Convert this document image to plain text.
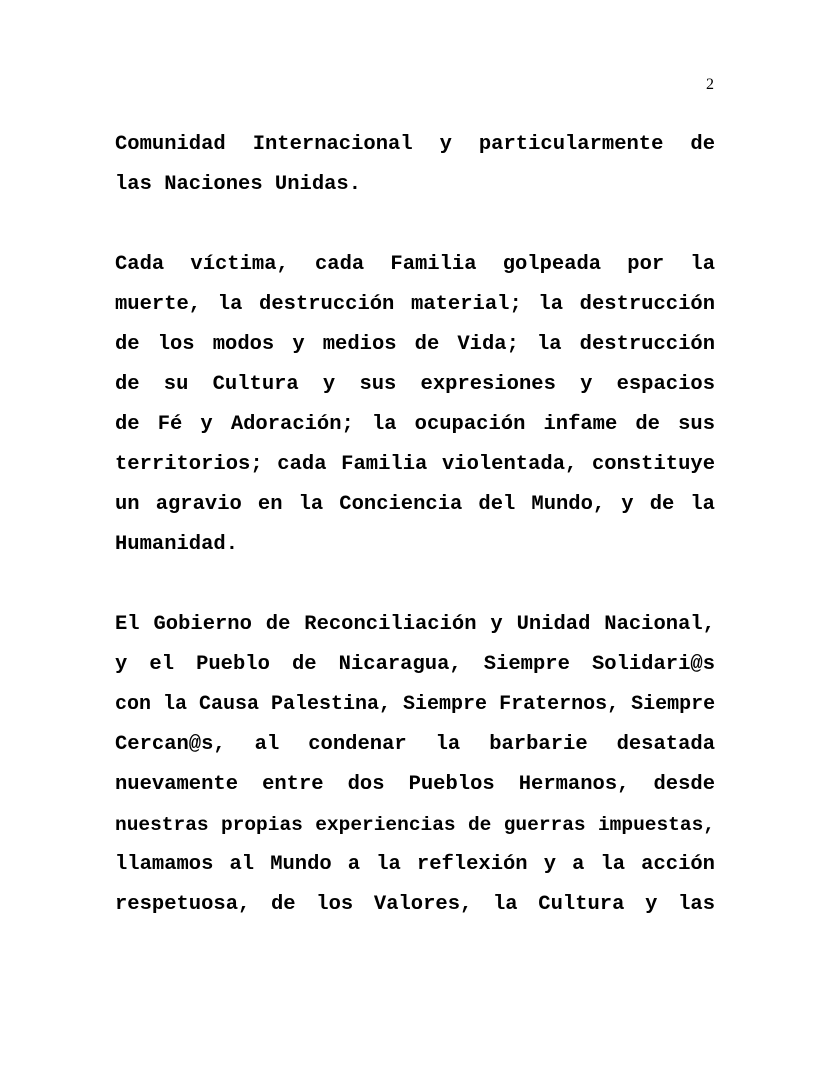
2
Comunidad Internacional y particularmente de
las Naciones Unidas.
Cada víctima, cada Familia golpeada por la
muerte, la destrucción material; la destrucción
de los modos y medios de Vida; la destrucción
de su Cultura y sus expresiones y espacios
de Fé y Adoración; la ocupación infame de sus
territorios; cada Familia violentada, constituye
un agravio en la Conciencia del Mundo, y de la
Humanidad.
El Gobierno de Reconciliación y Unidad Nacional,
y el Pueblo de Nicaragua, Siempre Solidari@s
con la Causa Palestina, Siempre Fraternos, Siempre
Cercan@s, al condenar la barbarie desatada
nuevamente entre dos Pueblos Hermanos, desde
nuestras propias experiencias de guerras impuestas,
llamamos al Mundo a la reflexión y a la acción
respetuosa, de los Valores, la Cultura y las
